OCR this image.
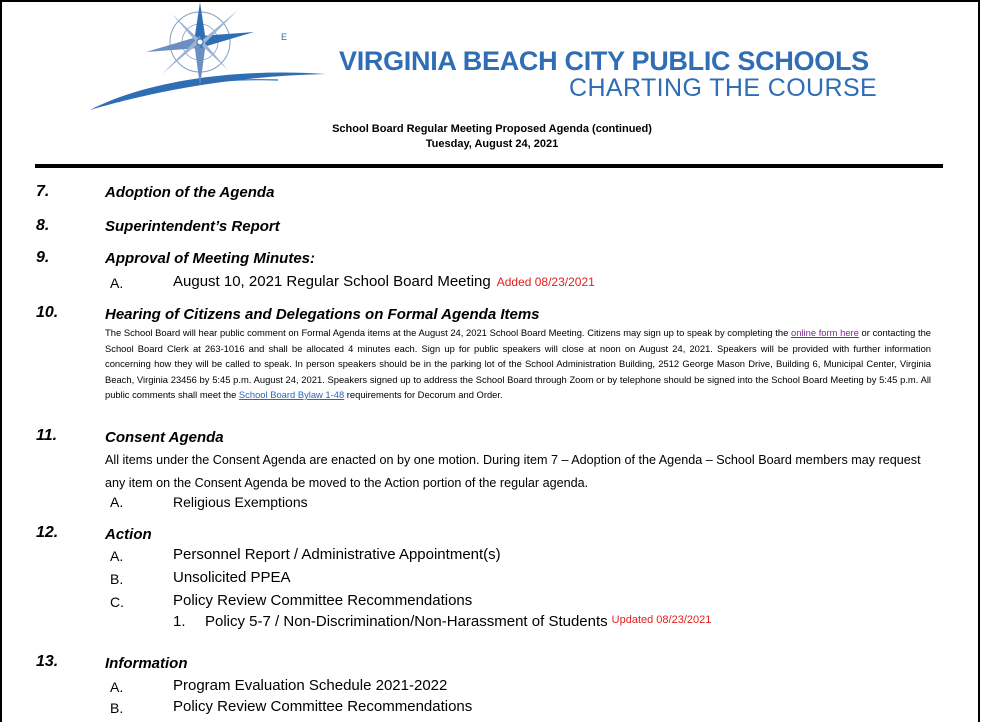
E
VIRGINIA BEACH CITY PUBLIC SCHOOLS
CHARTING THE COURSE
School Board Regular Meeting Proposed Agenda (continued)
Tuesday, August 24, 2021
7.	Adoption of the Agenda
8.	Superintendent’s Report
9.	Approval of Meeting Minutes:
A.	August 10, 2021 Regular School Board Meeting Added 08/23/2021
10.	Hearing of Citizens and Delegations on Formal Agenda Items
The School Board will hear public comment on Formal Agenda items at the August 24, 2021 School Board Meeting. Citizens may sign up to speak by completing the online form here or contacting the School Board Clerk at 263-1016 and shall be allocated 4 minutes each. Sign up for public speakers will close at noon on August 24, 2021. Speakers will be provided with further information concerning how they will be called to speak. In person speakers should be in the parking lot of the School Administration Building, 2512 George Mason Drive, Building 6, Municipal Center, Virginia Beach, Virginia 23456 by 5:45 p.m. August 24, 2021. Speakers signed up to address the School Board through Zoom or by telephone should be signed into the School Board Meeting by 5:45 p.m. All public comments shall meet the School Board Bylaw 1-48 requirements for Decorum and Order.
11.	Consent Agenda
All items under the Consent Agenda are enacted on by one motion. During item 7 – Adoption of the Agenda – School Board members may request any item on the Consent Agenda be moved to the Action portion of the regular agenda.
A.	Religious Exemptions
12.	Action
A.	Personnel Report / Administrative Appointment(s)
B.	Unsolicited PPEA
C.	Policy Review Committee Recommendations
1. Policy 5-7 / Non-Discrimination/Non-Harassment of Students $^{Updated 08/23/2021}$
13.	Information
A.	Program Evaluation Schedule 2021-2022
B.	Policy Review Committee Recommendations
